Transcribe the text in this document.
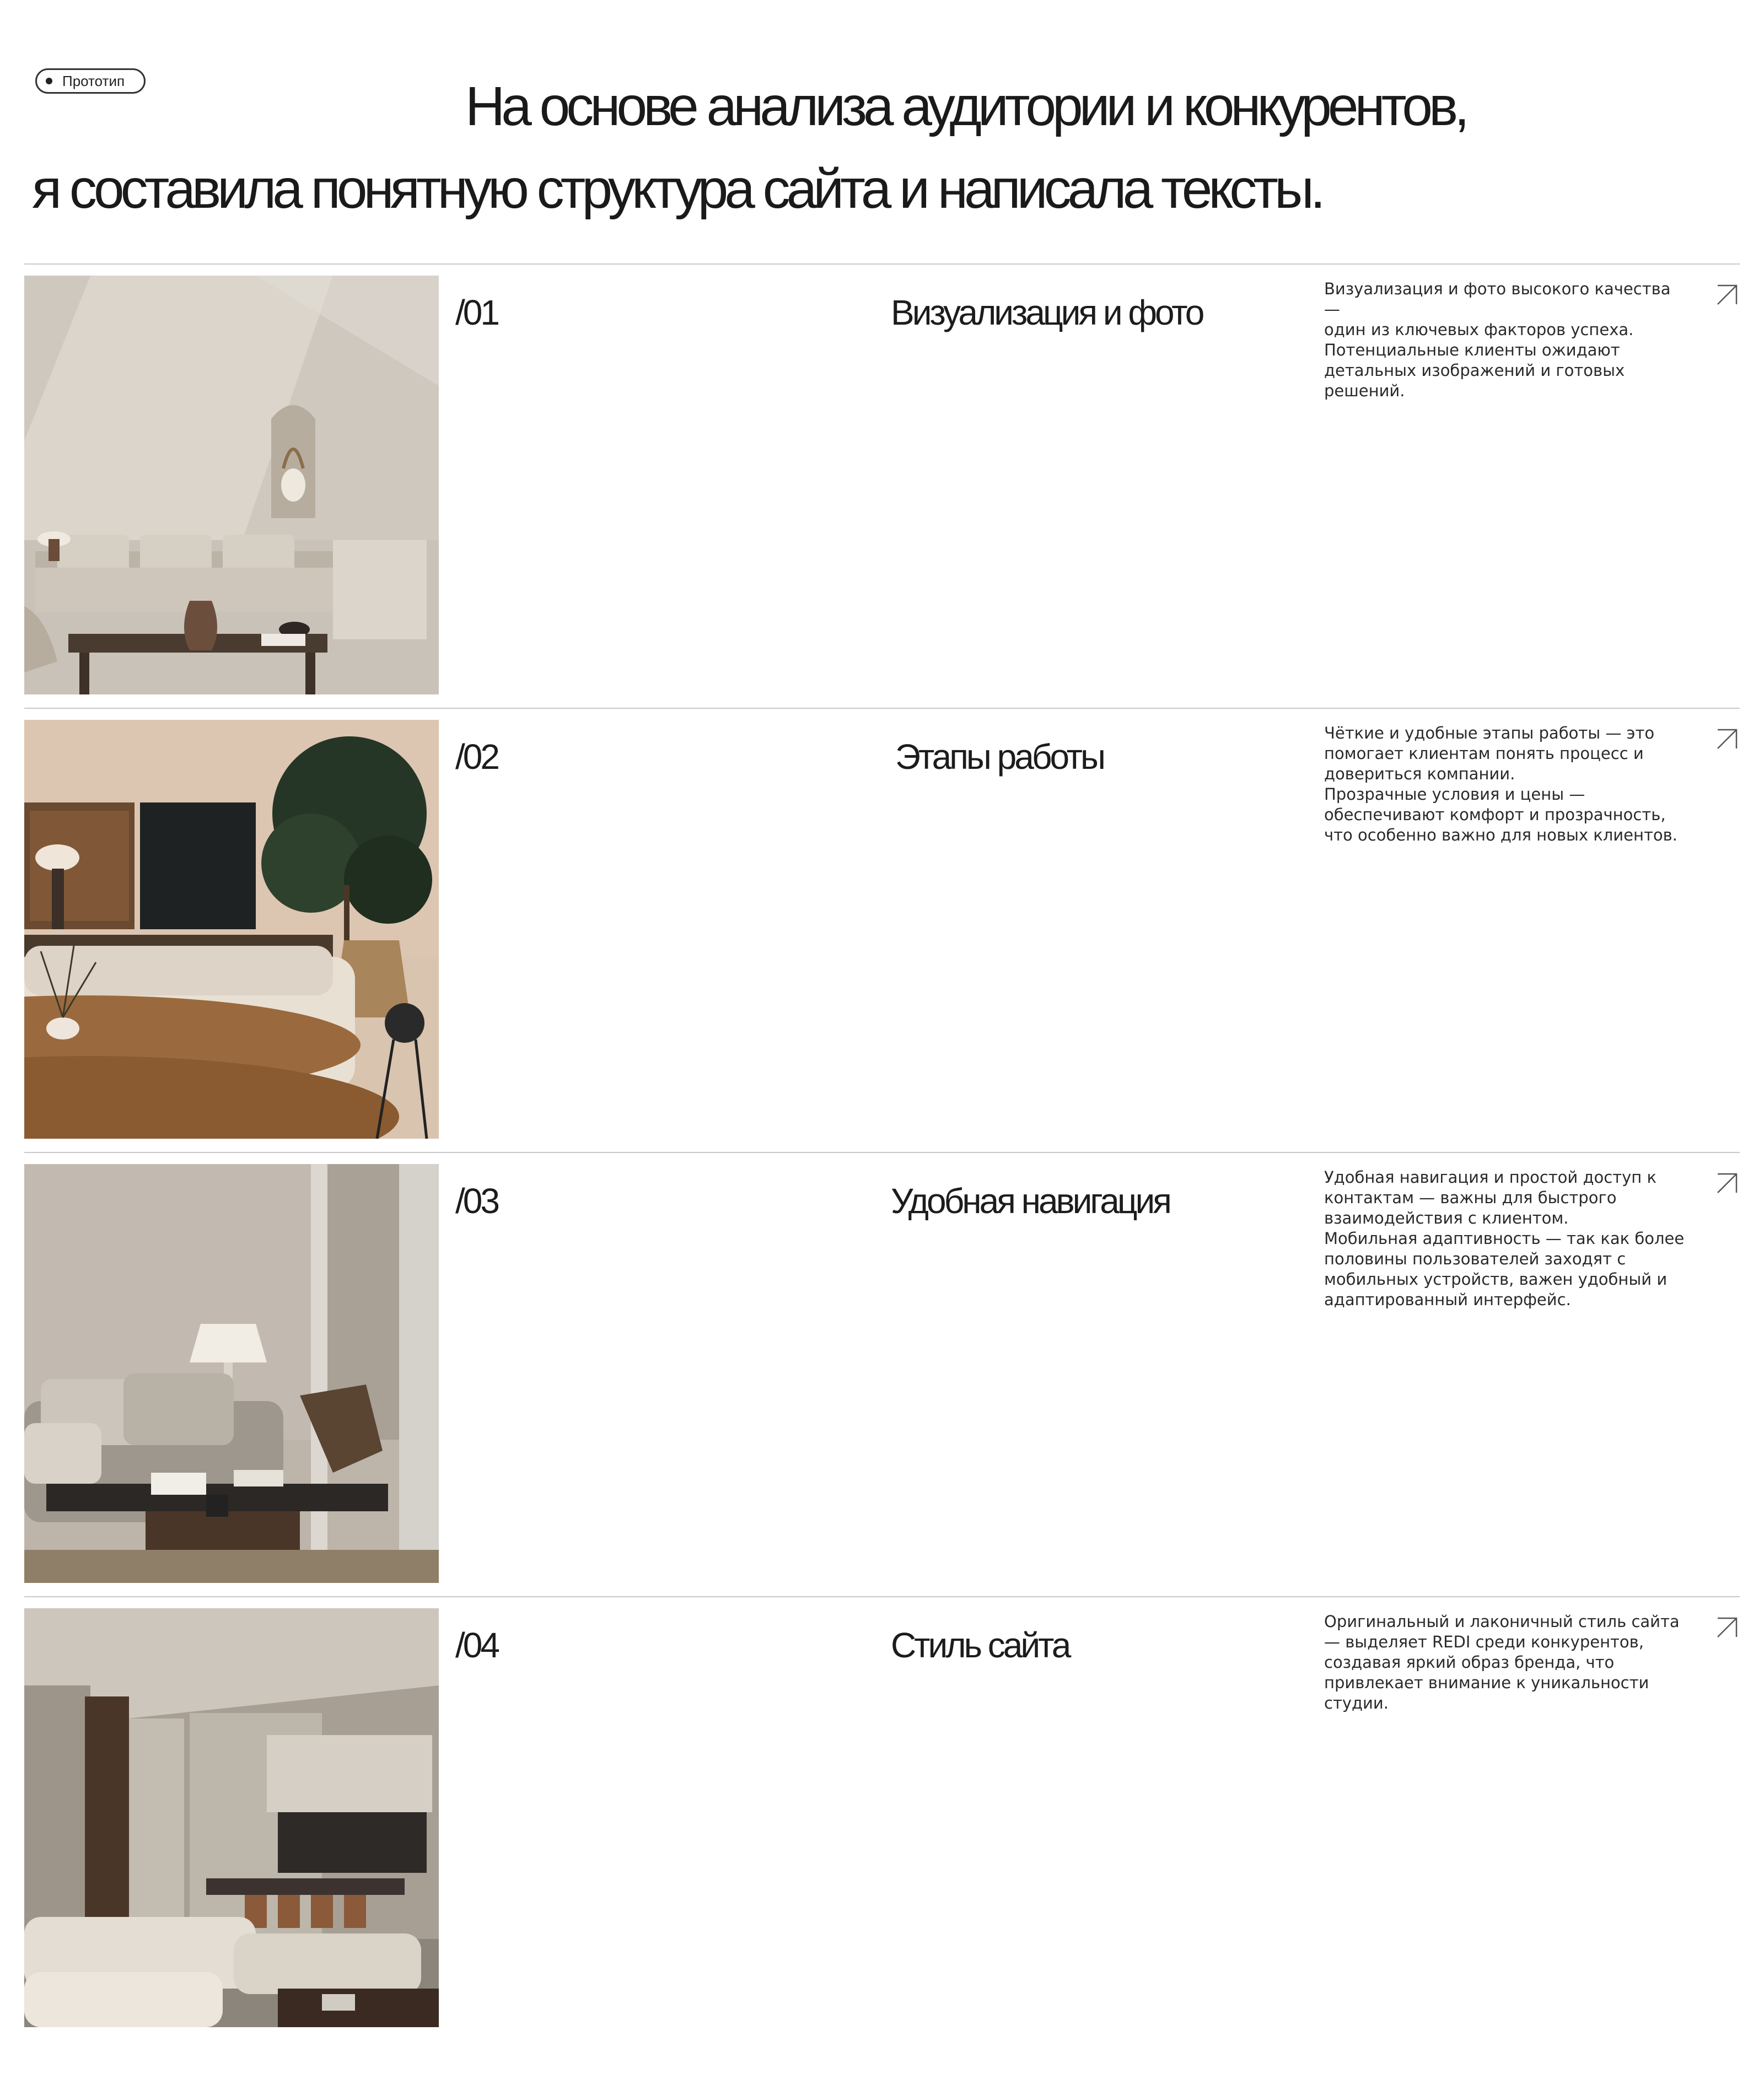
Прототип	На основе анализа аудитории и конкурентов,
я составила понятную структура сайта и написала тексты.
/01	Визуализация и фото
Визуализация и фото высокого качества —
один из ключевых факторов успеха.
Потенциальные клиенты ожидают
детальных изображений и готовых
решений.
/02	Этапы работы
Чёткие и удобные этапы работы — это
помогает клиентам понять процесс и
довериться компании.
Прозрачные условия и цены —
обеспечивают комфорт и прозрачность,
что особенно важно для новых клиентов.
/03	Удобная навигация
Удобная навигация и простой доступ к
контактам — важны для быстрого
взаимодействия с клиентом.
Мобильная адаптивность — так как более
половины пользователей заходят с
мобильных устройств, важен удобный и
адаптированный интерфейс.
/04	Стиль сайта
Оригинальный и лаконичный стиль сайта
— выделяет REDI среди конкурентов,
создавая яркий образ бренда, что
привлекает внимание к уникальности
студии.
